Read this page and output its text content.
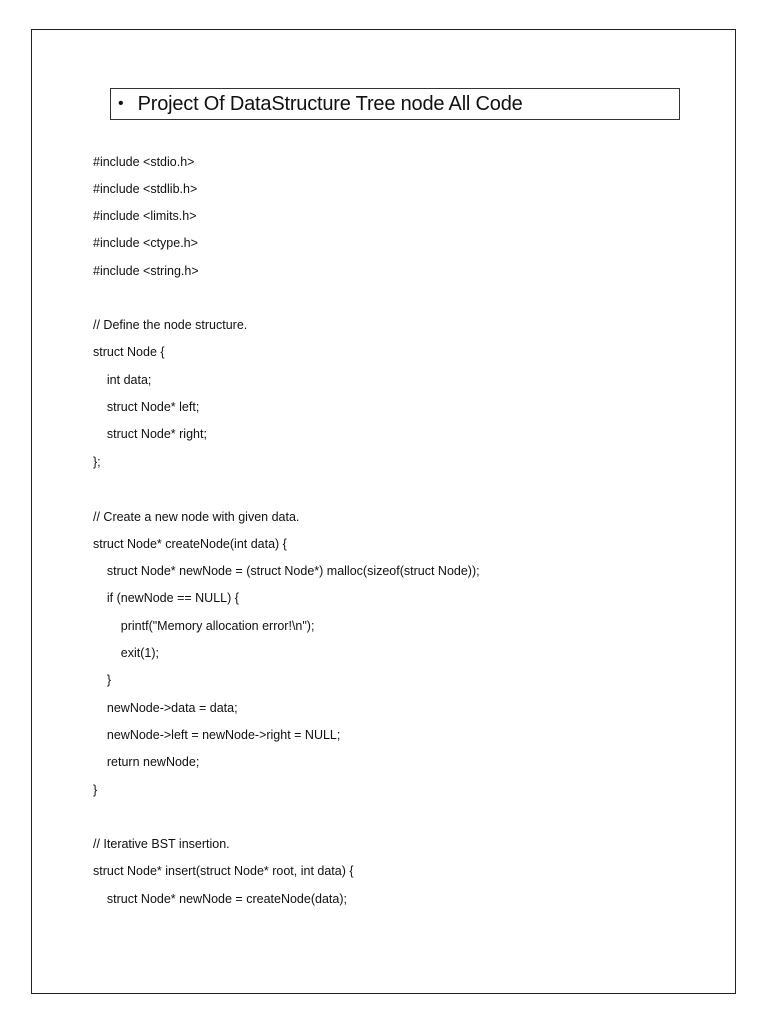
• Project Of DataStructure Tree node All Code
#include <stdio.h>
#include <stdlib.h>
#include <limits.h>
#include <ctype.h>
#include <string.h>
// Define the node structure.
struct Node {
int data;
struct Node* left;
struct Node* right;
};
// Create a new node with given data.
struct Node* createNode(int data) {
struct Node* newNode = (struct Node*) malloc(sizeof(struct Node));
if (newNode == NULL) {
printf("Memory allocation error!\n");
exit(1);
}
newNode->data = data;
newNode->left = newNode->right = NULL;
return newNode;
}
// Iterative BST insertion.
struct Node* insert(struct Node* root, int data) {
struct Node* newNode = createNode(data);
